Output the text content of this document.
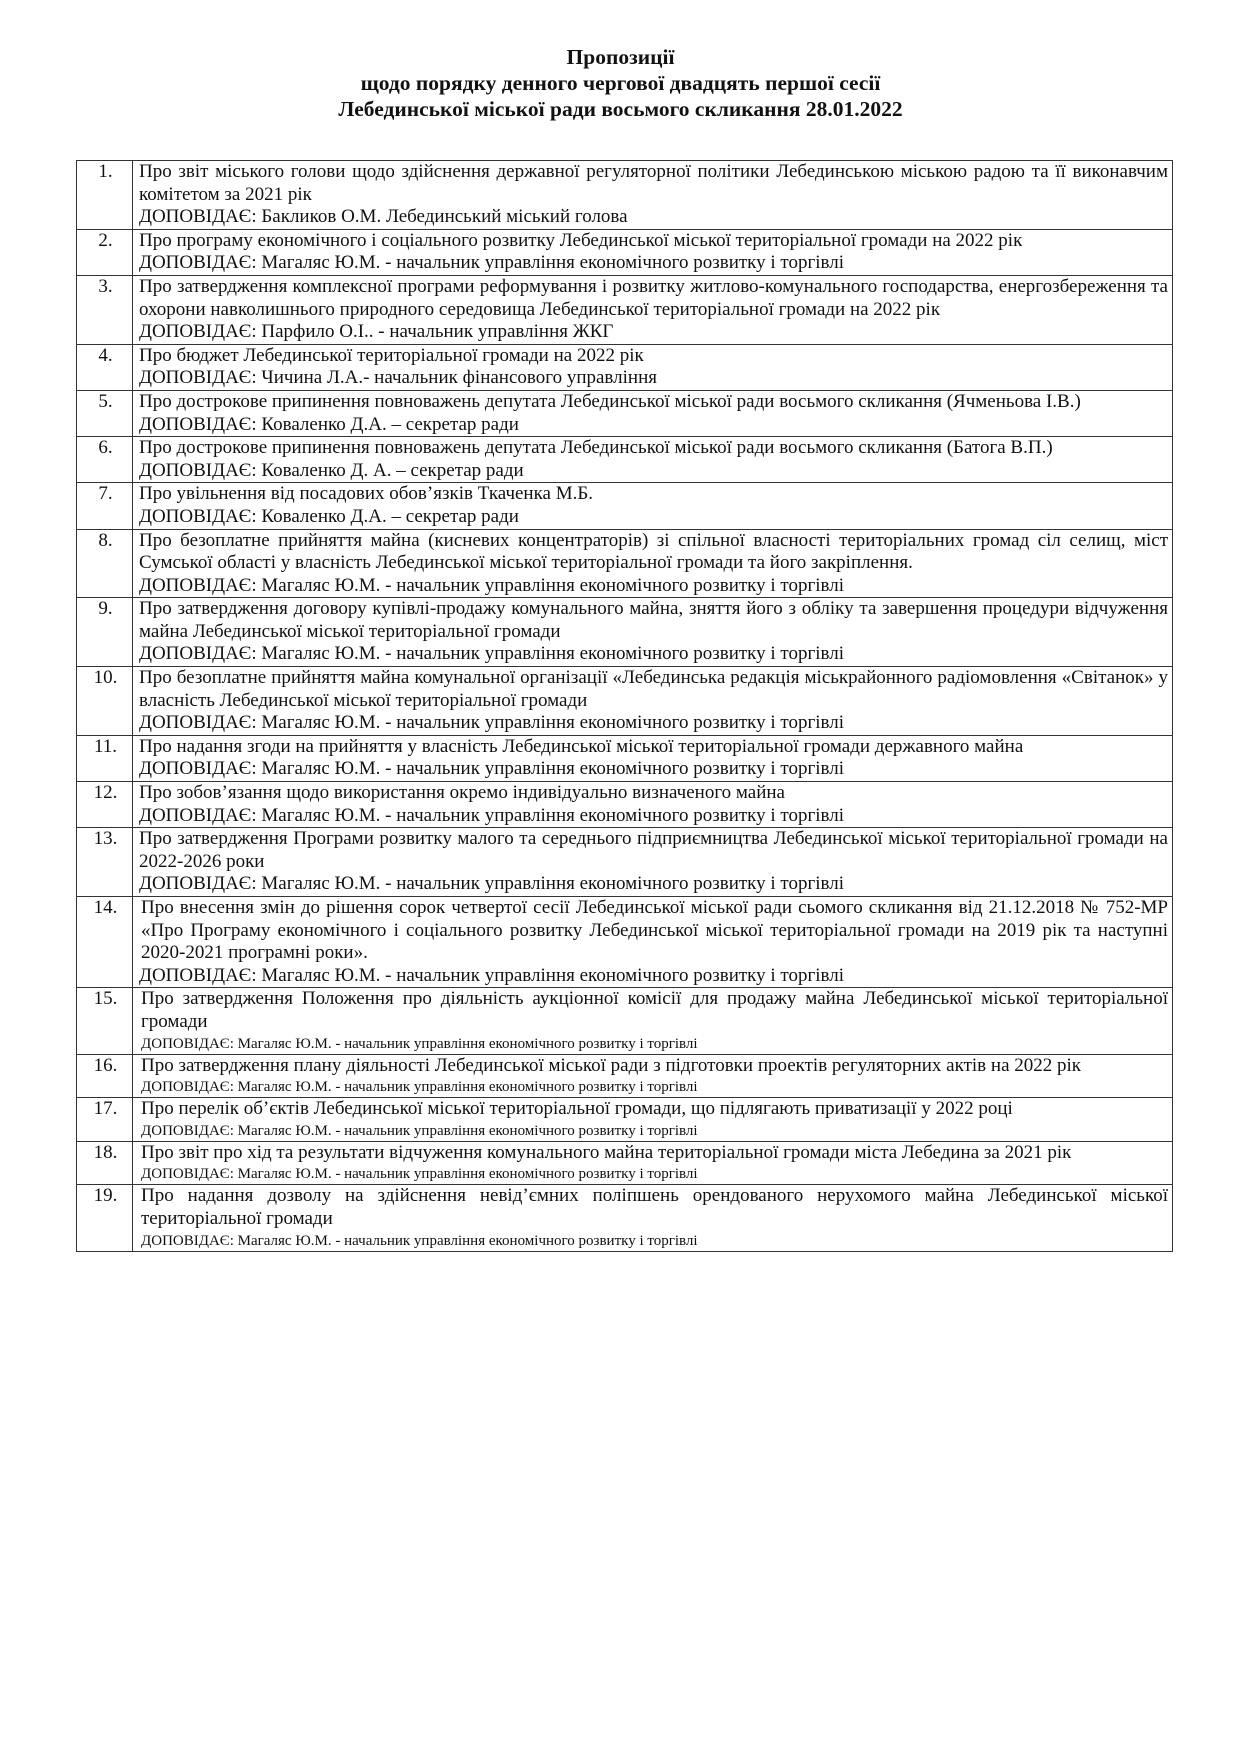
Пропозиції
щодо порядку денного чергової двадцять першої сесії
Лебединської міської ради восьмого скликання 28.01.2022
1.	Про звіт міського голови щодо здійснення державної регуляторної політики Лебединською міською радою та її виконавчим комітетом за 2021 рік
ДОПОВІДАЄ: Бакликов О.М. Лебединський міський голова

2.	Про програму економічного і соціального розвитку Лебединської міської територіальної громади на 2022 рік
ДОПОВІДАЄ: Магаляс Ю.М. - начальник управління економічного розвитку і торгівлі

3.	Про затвердження комплексної програми реформування і розвитку житлово-комунального господарства, енергозбереження та охорони навколишнього природного середовища Лебединської територіальної громади на 2022 рік
ДОПОВІДАЄ: Парфило О.І.. - начальник управління ЖКГ

4.	Про бюджет Лебединської територіальної громади на 2022 рік
ДОПОВІДАЄ: Чичина Л.А.- начальник фінансового управління

5.	Про дострокове припинення повноважень депутата Лебединської міської ради восьмого скликання (Ячменьова І.В.)
ДОПОВІДАЄ: Коваленко Д.А. – секретар ради

6.	Про дострокове припинення повноважень депутата Лебединської міської ради восьмого скликання (Батога В.П.)
ДОПОВІДАЄ: Коваленко Д. А. – секретар ради

7.	Про увільнення від посадових обов’язків Ткаченка М.Б.
ДОПОВІДАЄ: Коваленко Д.А. – секретар ради

8.	Про безоплатне прийняття майна (кисневих концентраторів) зі спільної власності територіальних громад сіл селищ, міст Сумської області у власність Лебединської міської територіальної громади та його закріплення.
ДОПОВІДАЄ: Магаляс Ю.М. - начальник управління економічного розвитку і торгівлі

9.	Про затвердження договору купівлі-продажу комунального майна, зняття його з обліку та завершення процедури відчуження майна Лебединської міської територіальної громади
ДОПОВІДАЄ: Магаляс Ю.М. - начальник управління економічного розвитку і торгівлі

10.	Про безоплатне прийняття майна комунальної організації «Лебединська редакція міськрайонного радіомовлення «Світанок» у власність Лебединської міської територіальної громади
ДОПОВІДАЄ: Магаляс Ю.М. - начальник управління економічного розвитку і торгівлі

11.	Про надання згоди на прийняття у власність Лебединської міської територіальної громади державного майна
ДОПОВІДАЄ: Магаляс Ю.М. - начальник управління економічного розвитку і торгівлі

12.	Про зобов’язання щодо використання окремо індивідуально визначеного майна
ДОПОВІДАЄ: Магаляс Ю.М. - начальник управління економічного розвитку і торгівлі

13.	Про затвердження Програми розвитку малого та середнього підприємництва Лебединської міської територіальної громади на 2022-2026 роки
ДОПОВІДАЄ: Магаляс Ю.М. - начальник управління економічного розвитку і торгівлі

14.	Про внесення змін до рішення сорок четвертої сесії Лебединської міської ради сьомого скликання від 21.12.2018 № 752-МР «Про Програму економічного і соціального розвитку Лебединської міської територіальної громади на 2019 рік та наступні 2020-2021 програмні роки».
ДОПОВІДАЄ: Магаляс Ю.М. - начальник управління економічного розвитку і торгівлі

15.	Про затвердження Положення про діяльність аукціонної комісії для продажу майна Лебединської міської територіальної громади
ДОПОВІДАЄ: Магаляс Ю.М. - начальник управління економічного розвитку і торгівлі

16.	Про затвердження плану діяльності Лебединської міської ради з підготовки проектів регуляторних актів на 2022 рік
ДОПОВІДАЄ: Магаляс Ю.М. - начальник управління економічного розвитку і торгівлі

17.	Про перелік об’єктів Лебединської міської територіальної громади, що підлягають приватизації у 2022 році
ДОПОВІДАЄ: Магаляс Ю.М. - начальник управління економічного розвитку і торгівлі

18.	Про звіт про хід та результати відчуження комунального майна територіальної громади міста Лебедина за 2021 рік
ДОПОВІДАЄ: Магаляс Ю.М. - начальник управління економічного розвитку і торгівлі

19.	Про надання дозволу на здійснення невід’ємних поліпшень орендованого нерухомого майна Лебединської міської територіальної громади
ДОПОВІДАЄ: Магаляс Ю.М. - начальник управління економічного розвитку і торгівлі
